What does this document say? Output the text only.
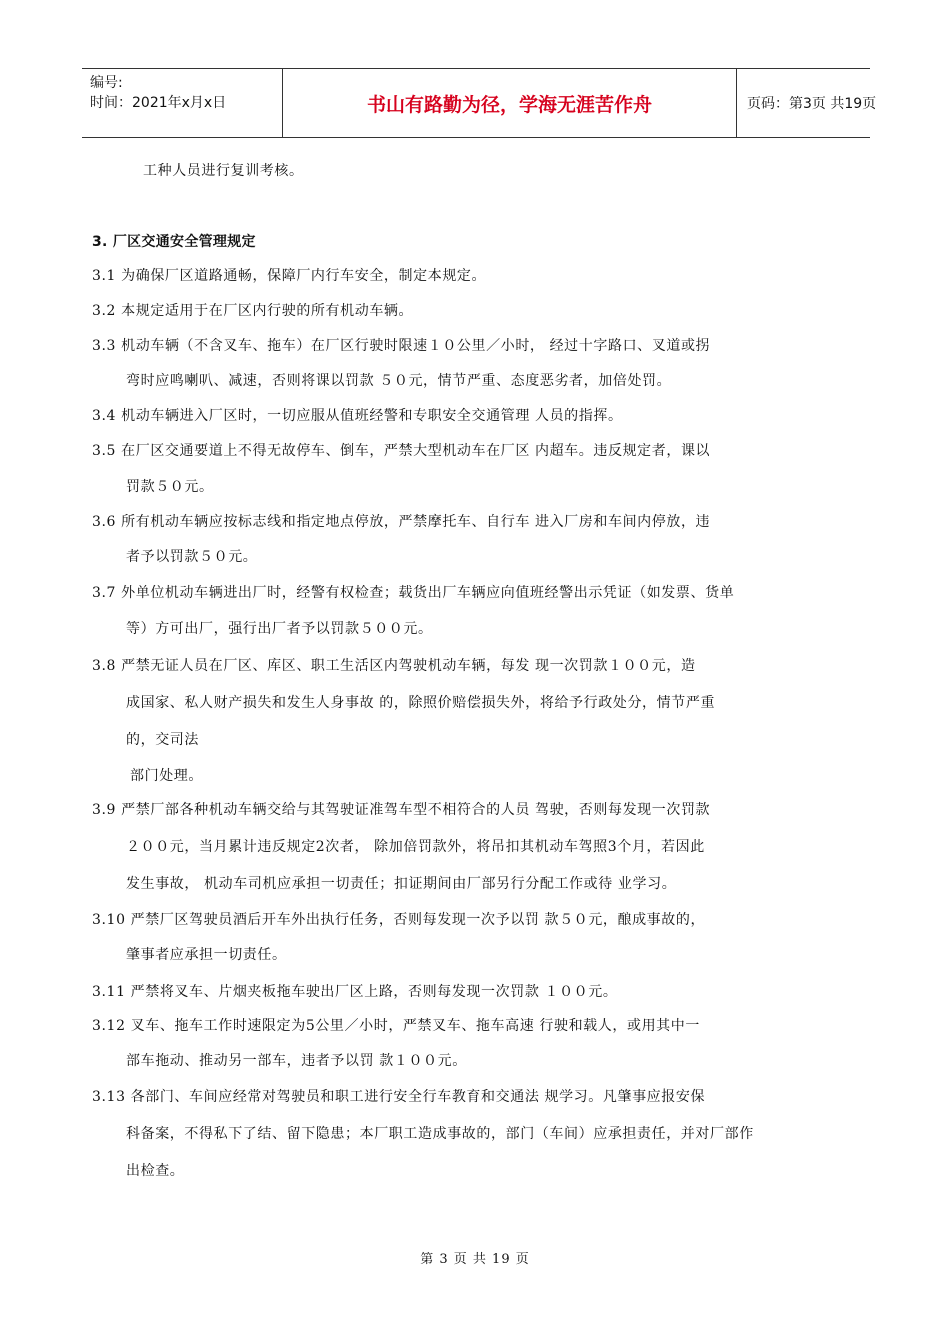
编号:
时间：2021年x月x日	书山有路勤为径，学海无涯苦作舟	页码：第3页 共19页
工种人员进行复训考核。
3. 厂区交通安全管理规定
3.1 为确保厂区道路通畅，保障厂内行车安全，制定本规定。
3.2 本规定适用于在厂区内行驶的所有机动车辆。
3.3 机动车辆（不含叉车、拖车）在厂区行驶时限速１０公里／小时， 经过十字路口、叉道或拐
弯时应鸣喇叭、减速，否则将课以罚款 ５０元，情节严重、态度恶劣者，加倍处罚。
3.4 机动车辆进入厂区时，一切应服从值班经警和专职安全交通管理 人员的指挥。
3.5 在厂区交通要道上不得无故停车、倒车，严禁大型机动车在厂区 内超车。违反规定者，课以
罚款５０元。
3.6 所有机动车辆应按标志线和指定地点停放，严禁摩托车、自行车 进入厂房和车间内停放，违
者予以罚款５０元。
3.7 外单位机动车辆进出厂时，经警有权检查；载货出厂车辆应向值班经警出示凭证（如发票、货单
等）方可出厂，强行出厂者予以罚款５００元。
3.8 严禁无证人员在厂区、库区、职工生活区内驾驶机动车辆，每发 现一次罚款１００元，造
成国家、私人财产损失和发生人身事故 的，除照价赔偿损失外，将给予行政处分，情节严重
的，交司法
部门处理。
3.9 严禁厂部各种机动车辆交给与其驾驶证准驾车型不相符合的人员 驾驶，否则每发现一次罚款
２００元，当月累计违反规定2次者， 除加倍罚款外，将吊扣其机动车驾照3个月，若因此
发生事故， 机动车司机应承担一切责任；扣证期间由厂部另行分配工作或待 业学习。
3.10 严禁厂区驾驶员酒后开车外出执行任务，否则每发现一次予以罚 款５０元，酿成事故的，
肇事者应承担一切责任。
3.11 严禁将叉车、片烟夹板拖车驶出厂区上路，否则每发现一次罚款 １００元。
3.12 叉车、拖车工作时速限定为5公里／小时，严禁叉车、拖车高速 行驶和载人，或用其中一
部车拖动、推动另一部车，违者予以罚 款１００元。
3.13 各部门、车间应经常对驾驶员和职工进行安全行车教育和交通法 规学习。凡肇事应报安保
科备案，不得私下了结、留下隐患；本厂职工造成事故的，部门（车间）应承担责任，并对厂部作
出检查。
第 3 页 共 19 页
